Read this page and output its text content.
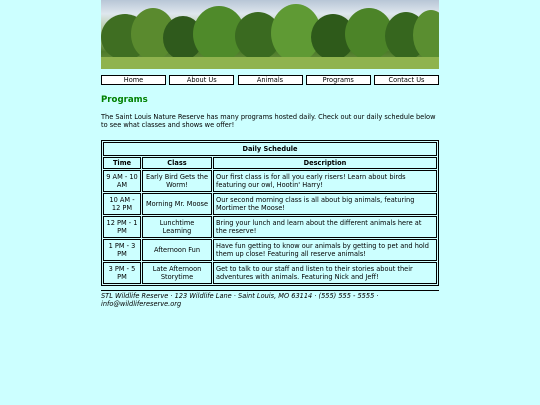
Home	About Us	Animals	Programs	Contact Us
Programs

The Saint Louis Nature Reserve has many programs hosted daily. Check out our daily schedule below to see what classes and shows we offer!

Daily Schedule		
Time	Class	Description
9 AM - 10 AM	Early Bird Gets the Worm!	Our first class is for all you early risers! Learn about birds featuring our owl, Hootin' Harry!
10 AM - 12 PM	Morning Mr. Moose	Our second morning class is all about big animals, featuring Mortimer the Moose!
12 PM - 1 PM	Lunchtime Learning	Bring your lunch and learn about the different animals here at the reserve!
1 PM - 3 PM	Afternoon Fun	Have fun getting to know our animals by getting to pet and hold them up close! Featuring all reserve animals!
3 PM - 5 PM	Late Afternoon Storytime	Get to talk to our staff and listen to their stories about their adventures with animals. Featuring Nick and Jeff!
STL Wildlife Reserve · 123 Wildlife Lane · Saint Louis, MO 63114 · (555) 555 - 5555 · info@wildlifereserve.org
